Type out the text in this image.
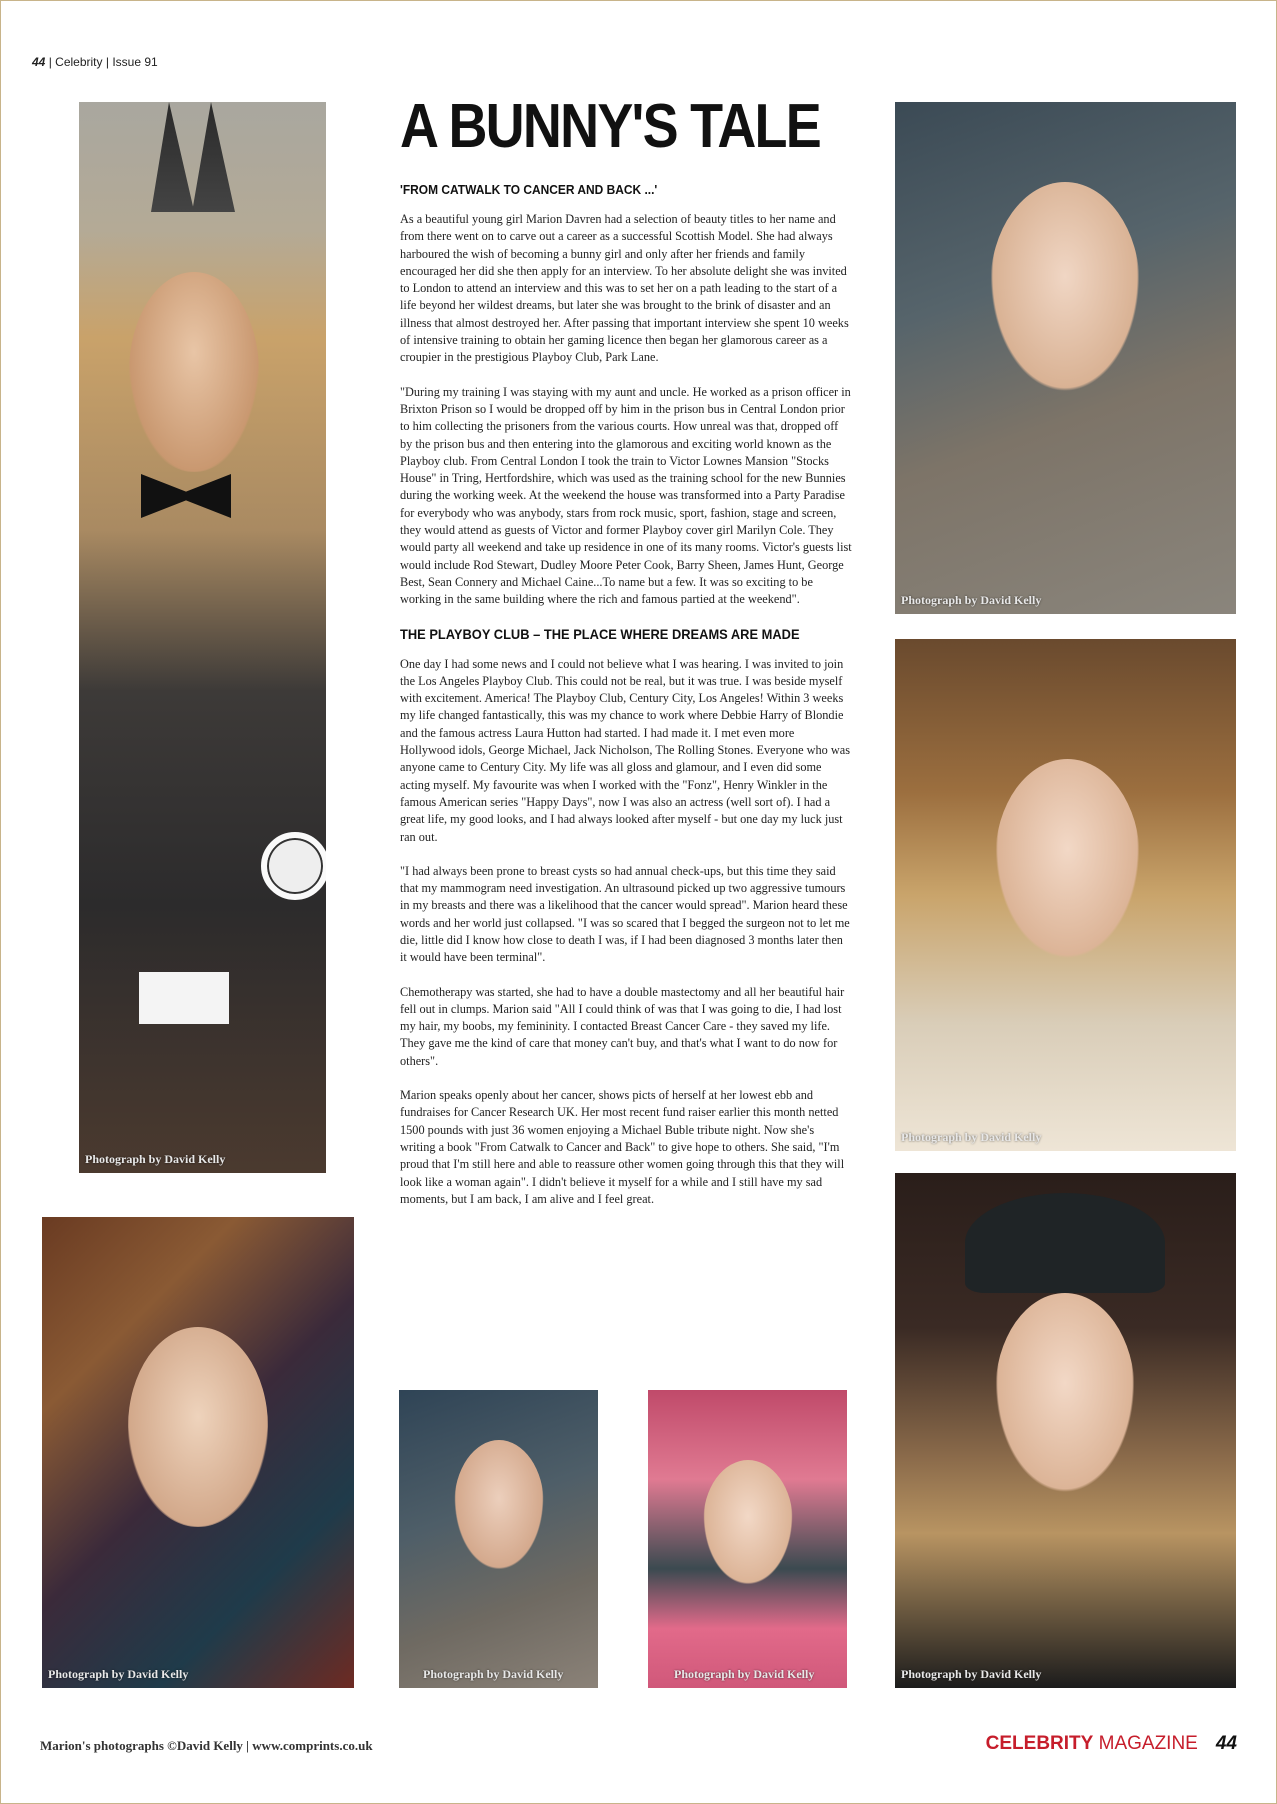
44 | Celebrity | Issue 91
Photograph by David Kelly
Photograph by David Kelly
Photograph by David Kelly
Photograph by David Kelly
Photograph by David Kelly
Photograph by David Kelly	Photograph by David Kelly
A BUNNY'S TALE
'FROM CATWALK TO CANCER AND BACK ...'

As a beautiful young girl Marion Davren had a selection of beauty titles to her name and from there went on to carve out a career as a successful Scottish Model. She had always harboured the wish of becoming a bunny girl and only after her friends and family encouraged her did she then apply for an interview. To her absolute delight she was invited to London to attend an interview and this was to set her on a path leading to the start of a life beyond her wildest dreams, but later she was brought to the brink of disaster and an illness that almost destroyed her. After passing that important interview she spent 10 weeks of intensive training to obtain her gaming licence then began her glamorous career as a croupier in the prestigious Playboy Club, Park Lane.

"During my training I was staying with my aunt and uncle. He worked as a prison officer in Brixton Prison so I would be dropped off by him in the prison bus in Central London prior to him collecting the prisoners from the various courts. How unreal was that, dropped off by the prison bus and then entering into the glamorous and exciting world known as the Playboy club. From Central London I took the train to Victor Lownes Mansion "Stocks House" in Tring, Hertfordshire, which was used as the training school for the new Bunnies during the working week. At the weekend the house was transformed into a Party Paradise for everybody who was anybody, stars from rock music, sport, fashion, stage and screen, they would attend as guests of Victor and former Playboy cover girl Marilyn Cole. They would party all weekend and take up residence in one of its many rooms. Victor's guests list would include Rod Stewart, Dudley Moore Peter Cook, Barry Sheen, James Hunt, George Best, Sean Connery and Michael Caine...To name but a few. It was so exciting to be working in the same building where the rich and famous partied at the weekend".

THE PLAYBOY CLUB – THE PLACE WHERE DREAMS ARE MADE

One day I had some news and I could not believe what I was hearing. I was invited to join the Los Angeles Playboy Club. This could not be real, but it was true. I was beside myself with excitement. America! The Playboy Club, Century City, Los Angeles! Within 3 weeks my life changed fantastically, this was my chance to work where Debbie Harry of Blondie and the famous actress Laura Hutton had started. I had made it. I met even more Hollywood idols, George Michael, Jack Nicholson, The Rolling Stones. Everyone who was anyone came to Century City. My life was all gloss and glamour, and I even did some acting myself. My favourite was when I worked with the "Fonz", Henry Winkler in the famous American series "Happy Days", now I was also an actress (well sort of). I had a great life, my good looks, and I had always looked after myself - but one day my luck just ran out.

"I had always been prone to breast cysts so had annual check-ups, but this time they said that my mammogram need investigation. An ultrasound picked up two aggressive tumours in my breasts and there was a likelihood that the cancer would spread". Marion heard these words and her world just collapsed. "I was so scared that I begged the surgeon not to let me die, little did I know how close to death I was, if I had been diagnosed 3 months later then it would have been terminal".

Chemotherapy was started, she had to have a double mastectomy and all her beautiful hair fell out in clumps. Marion said "All I could think of was that I was going to die, I had lost my hair, my boobs, my femininity. I contacted Breast Cancer Care - they saved my life. They gave me the kind of care that money can't buy, and that's what I want to do now for others".

Marion speaks openly about her cancer, shows picts of herself at her lowest ebb and fundraises for Cancer Research UK. Her most recent fund raiser earlier this month netted 1500 pounds with just 36 women enjoying a Michael Buble tribute night. Now she's writing a book "From Catwalk to Cancer and Back" to give hope to others. She said, "I'm proud that I'm still here and able to reassure other women going through this that they will look like a woman again". I didn't believe it myself for a while and I still have my sad moments, but I am back, I am alive and I feel great.

Marion's photographs ©David Kelly | www.comprints.co.uk	CELEBRITY MAGAZINE 44
